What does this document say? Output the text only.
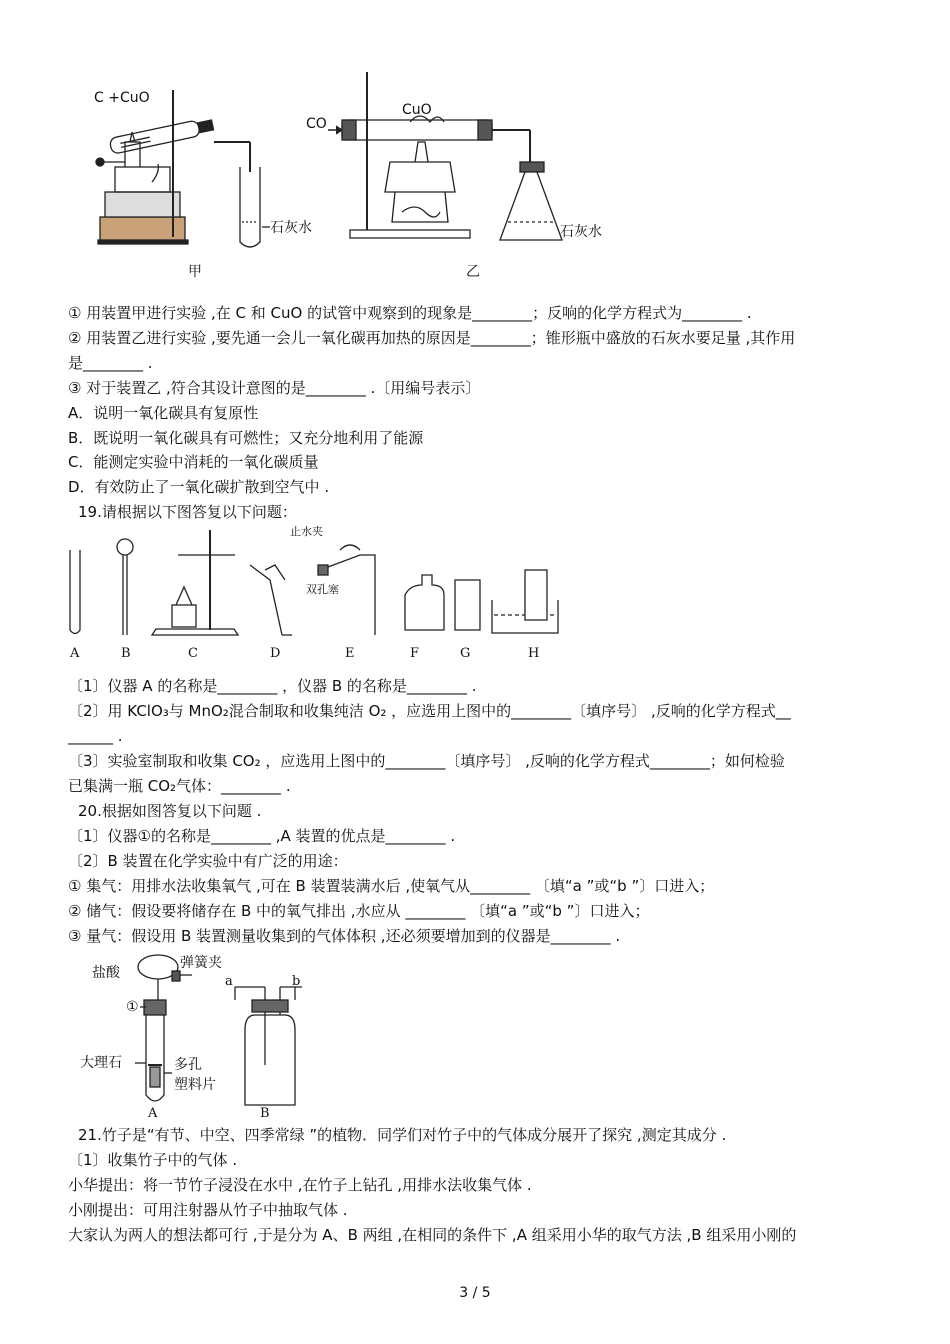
C +CuO
石灰水
甲
CO
CuO
石灰水
乙
① 用装置甲进行实验 ,在 C 和 CuO 的试管中观察到的现象是________；反响的化学方程式为________ .
② 用装置乙进行实验 ,要先通一会儿一氧化碳再加热的原因是________；锥形瓶中盛放的石灰水要足量 ,其作用
是________ .
③ 对于装置乙 ,符合其设计意图的是________ .〔用编号表示〕
A．说明一氧化碳具有复原性
B．既说明一氧化碳具有可燃性；又充分地利用了能源
C．能测定实验中消耗的一氧化碳质量
D．有效防止了一氧化碳扩散到空气中 .
19.请根据以下图答复以下问题：
止水夹
双孔塞
A	B	C	D	E	F	G	H
〔1〕仪器 A 的名称是________ ，仪器 B 的名称是________ .
〔2〕用 KClO₃与 MnO₂混合制取和收集纯洁 O₂ ，应选用上图中的________〔填序号〕 ,反响的化学方程式__
______ .
〔3〕实验室制取和收集 CO₂ ，应选用上图中的________〔填序号〕 ,反响的化学方程式________；如何检验
已集满一瓶 CO₂气体：________ .
20.根据如图答复以下问题 .
〔1〕仪器①的名称是________ ,A 装置的优点是________ .
〔2〕B 装置在化学实验中有广泛的用途：
① 集气：用排水法收集氧气 ,可在 B 装置装满水后 ,使氧气从________ 〔填“a ”或“b ”〕口进入；
② 储气：假设要将储存在 B 中的氧气排出 ,水应从 ________ 〔填“a ”或“b ”〕口进入；
③ 量气：假设用 B 装置测量收集到的气体体积 ,还必须要增加到的仪器是________ .
盐酸
弹簧夹
①
大理石	多孔
塑料片
a	b
A	B
21.竹子是“有节、中空、四季常绿 ”的植物．同学们对竹子中的气体成分展开了探究 ,测定其成分 .
〔1〕收集竹子中的气体 .
小华提出：将一节竹子浸没在水中 ,在竹子上钻孔 ,用排水法收集气体 .
小刚提出：可用注射器从竹子中抽取气体 .
大家认为两人的想法都可行 ,于是分为 A、B 两组 ,在相同的条件下 ,A 组采用小华的取气方法 ,B 组采用小刚的
3 / 5
